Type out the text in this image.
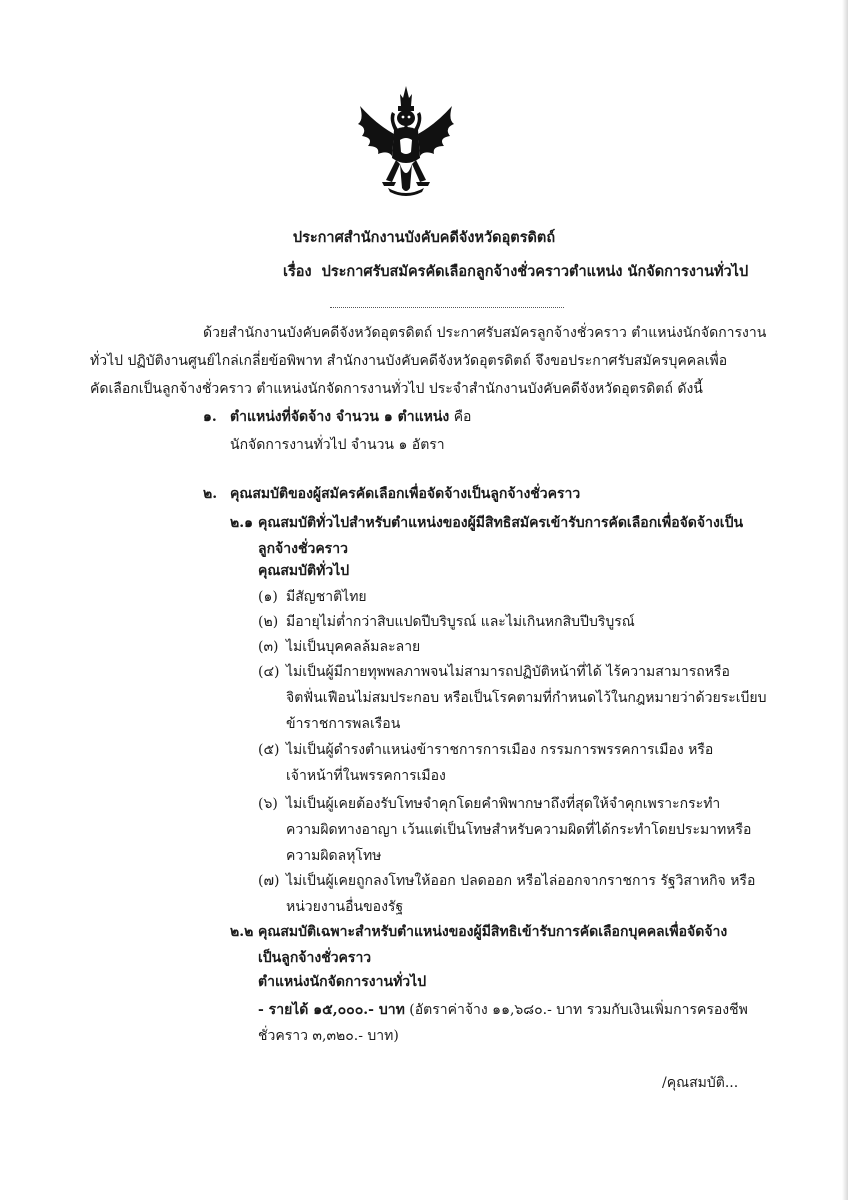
ประกาศสำนักงานบังคับคดีจังหวัดอุตรดิตถ์
เรื่อง ประกาศรับสมัครคัดเลือกลูกจ้างชั่วคราวตำแหน่ง นักจัดการงานทั่วไป
ด้วยสำนักงานบังคับคดีจังหวัดอุตรดิตถ์ ประกาศรับสมัครลูกจ้างชั่วคราว ตำแหน่งนักจัดการงาน
ทั่วไป ปฏิบัติงานศูนย์ไกล่เกลี่ยข้อพิพาท สำนักงานบังคับคดีจังหวัดอุตรดิตถ์ จึงขอประกาศรับสมัครบุคคลเพื่อ
คัดเลือกเป็นลูกจ้างชั่วคราว ตำแหน่งนักจัดการงานทั่วไป ประจำสำนักงานบังคับคดีจังหวัดอุตรดิตถ์ ดังนี้
๑. ตำแหน่งที่จัดจ้าง จำนวน ๑ ตำแหน่ง คือ
นักจัดการงานทั่วไป จำนวน ๑ อัตรา
๒. คุณสมบัติของผู้สมัครคัดเลือกเพื่อจัดจ้างเป็นลูกจ้างชั่วคราว
๒.๑ คุณสมบัติทั่วไปสำหรับตำแหน่งของผู้มีสิทธิสมัครเข้ารับการคัดเลือกเพื่อจัดจ้างเป็น
ลูกจ้างชั่วคราว
คุณสมบัติทั่วไป
(๑) มีสัญชาติไทย
(๒) มีอายุไม่ต่ำกว่าสิบแปดปีบริบูรณ์ และไม่เกินหกสิบปีบริบูรณ์
(๓) ไม่เป็นบุคคลล้มละลาย
(๔) ไม่เป็นผู้มีกายทุพพลภาพจนไม่สามารถปฏิบัติหน้าที่ได้ ไร้ความสามารถหรือ
จิตฟั่นเฟือนไม่สมประกอบ หรือเป็นโรคตามที่กำหนดไว้ในกฎหมายว่าด้วยระเบียบ
ข้าราชการพลเรือน
(๕) ไม่เป็นผู้ดำรงตำแหน่งข้าราชการการเมือง กรรมการพรรคการเมือง หรือ
เจ้าหน้าที่ในพรรคการเมือง
(๖) ไม่เป็นผู้เคยต้องรับโทษจำคุกโดยคำพิพากษาถึงที่สุดให้จำคุกเพราะกระทำ
ความผิดทางอาญา เว้นแต่เป็นโทษสำหรับความผิดที่ได้กระทำโดยประมาทหรือ
ความผิดลหุโทษ
(๗) ไม่เป็นผู้เคยถูกลงโทษให้ออก ปลดออก หรือไล่ออกจากราชการ รัฐวิสาหกิจ หรือ
หน่วยงานอื่นของรัฐ
๒.๒ คุณสมบัติเฉพาะสำหรับตำแหน่งของผู้มีสิทธิเข้ารับการคัดเลือกบุคคลเพื่อจัดจ้าง
เป็นลูกจ้างชั่วคราว
ตำแหน่งนักจัดการงานทั่วไป
- รายได้ ๑๕,๐๐๐.- บาท (อัตราค่าจ้าง ๑๑,๖๘๐.- บาท รวมกับเงินเพิ่มการครองชีพ
ชั่วคราว ๓,๓๒๐.- บาท)
/คุณสมบัติ...
